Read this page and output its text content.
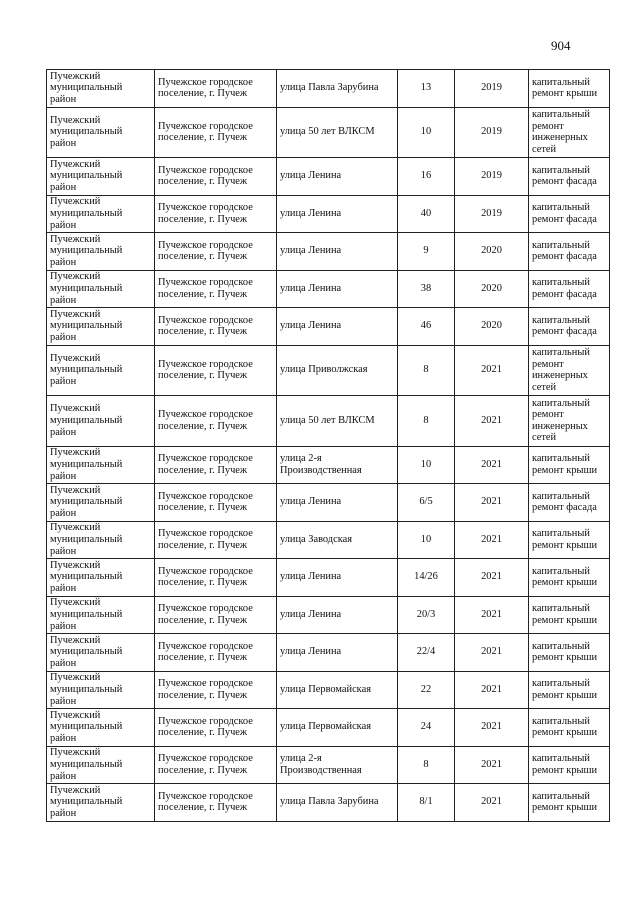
904
Пучежский муниципальный район	Пучежское городское поселение, г. Пучеж	улица Павла Зарубина	13	2019	капитальный ремонт крыши
Пучежский муниципальный район	Пучежское городское поселение, г. Пучеж	улица 50 лет ВЛКСМ	10	2019	капитальный ремонт инженерных сетей
Пучежский муниципальный район	Пучежское городское поселение, г. Пучеж	улица Ленина	16	2019	капитальный ремонт фасада
Пучежский муниципальный район	Пучежское городское поселение, г. Пучеж	улица Ленина	40	2019	капитальный ремонт фасада
Пучежский муниципальный район	Пучежское городское поселение, г. Пучеж	улица Ленина	9	2020	капитальный ремонт фасада
Пучежский муниципальный район	Пучежское городское поселение, г. Пучеж	улица Ленина	38	2020	капитальный ремонт фасада
Пучежский муниципальный район	Пучежское городское поселение, г. Пучеж	улица Ленина	46	2020	капитальный ремонт фасада
Пучежский муниципальный район	Пучежское городское поселение, г. Пучеж	улица Приволжская	8	2021	капитальный ремонт инженерных сетей
Пучежский муниципальный район	Пучежское городское поселение, г. Пучеж	улица 50 лет ВЛКСМ	8	2021	капитальный ремонт инженерных сетей
Пучежский муниципальный район	Пучежское городское поселение, г. Пучеж	улица 2-я Производственная	10	2021	капитальный ремонт крыши
Пучежский муниципальный район	Пучежское городское поселение, г. Пучеж	улица Ленина	6/5	2021	капитальный ремонт фасада
Пучежский муниципальный район	Пучежское городское поселение, г. Пучеж	улица Заводская	10	2021	капитальный ремонт крыши
Пучежский муниципальный район	Пучежское городское поселение, г. Пучеж	улица Ленина	14/26	2021	капитальный ремонт крыши
Пучежский муниципальный район	Пучежское городское поселение, г. Пучеж	улица Ленина	20/3	2021	капитальный ремонт крыши
Пучежский муниципальный район	Пучежское городское поселение, г. Пучеж	улица Ленина	22/4	2021	капитальный ремонт крыши
Пучежский муниципальный район	Пучежское городское поселение, г. Пучеж	улица Первомайская	22	2021	капитальный ремонт крыши
Пучежский муниципальный район	Пучежское городское поселение, г. Пучеж	улица Первомайская	24	2021	капитальный ремонт крыши
Пучежский муниципальный район	Пучежское городское поселение, г. Пучеж	улица 2-я Производственная	8	2021	капитальный ремонт крыши
Пучежский муниципальный район	Пучежское городское поселение, г. Пучеж	улица Павла Зарубина	8/1	2021	капитальный ремонт крыши
